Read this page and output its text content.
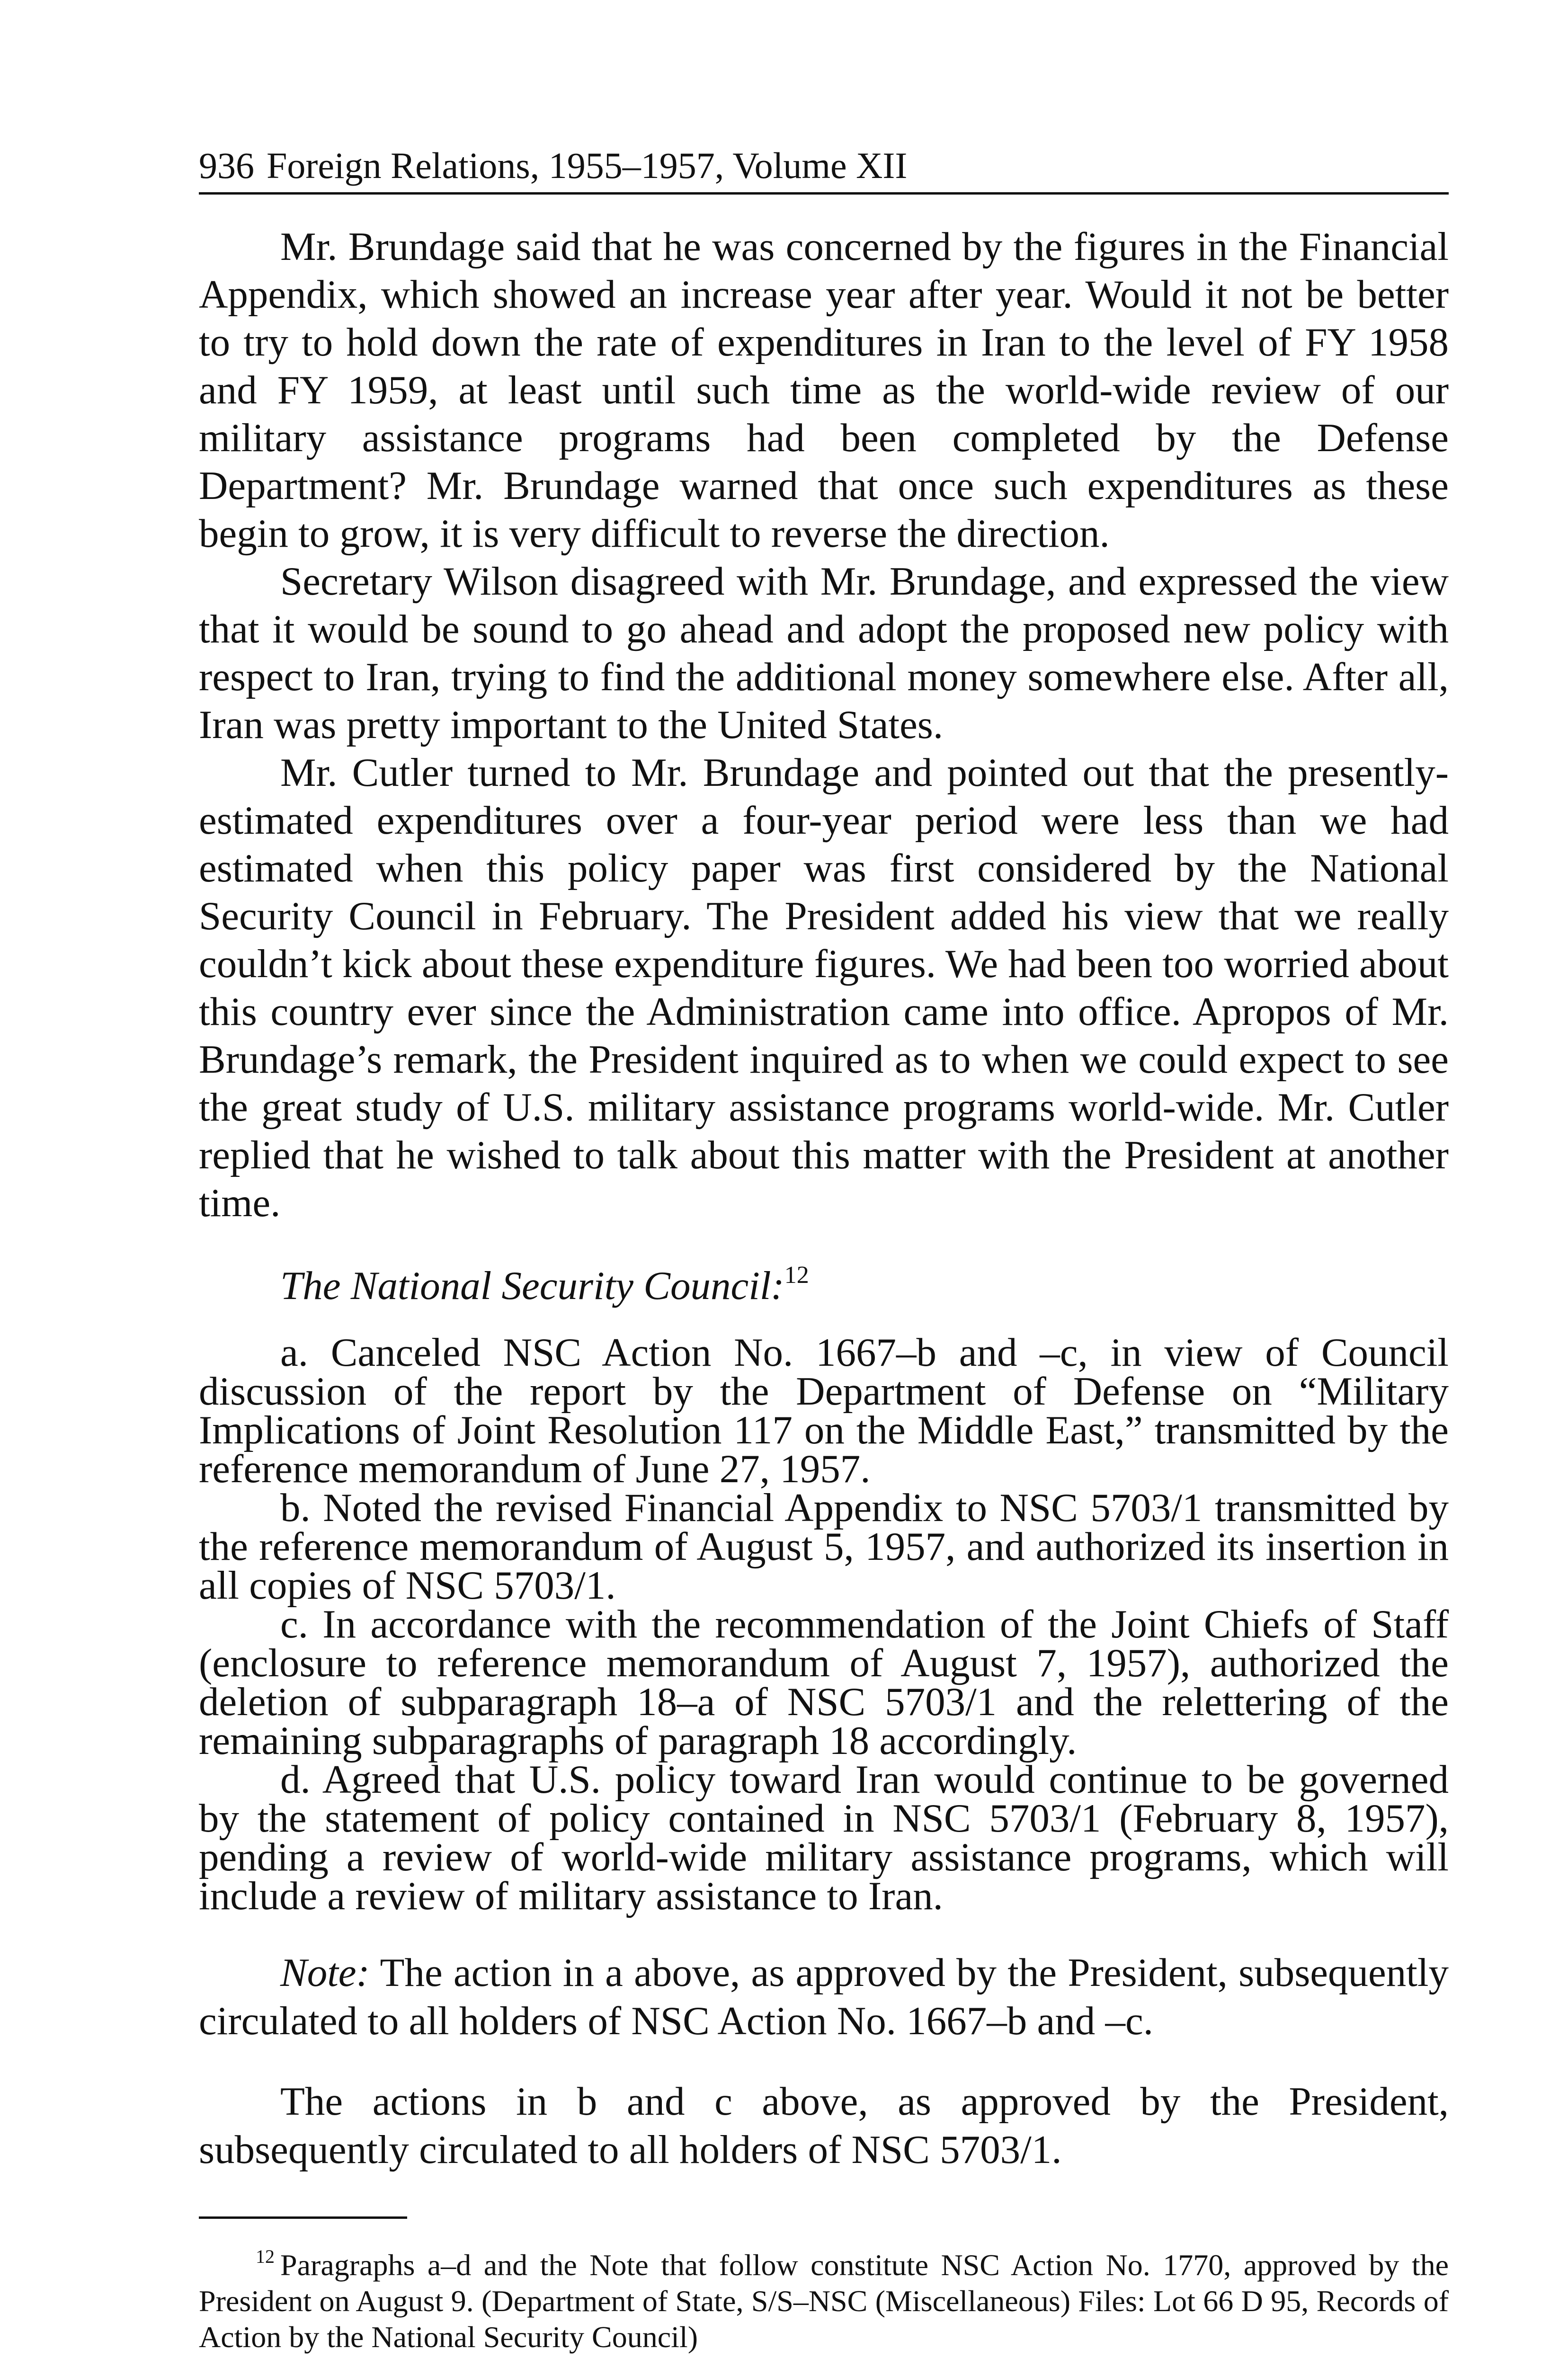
936 Foreign Relations, 1955–1957, Volume XII

Mr. Brundage said that he was concerned by the figures in the Financial Appendix, which showed an increase year after year. Would it not be better to try to hold down the rate of expenditures in Iran to the level of FY 1958 and FY 1959, at least until such time as the world-wide review of our military assistance programs had been completed by the Defense Department? Mr. Brundage warned that once such expenditures as these begin to grow, it is very difficult to reverse the direction.

Secretary Wilson disagreed with Mr. Brundage, and expressed the view that it would be sound to go ahead and adopt the proposed new policy with respect to Iran, trying to find the additional money somewhere else. After all, Iran was pretty important to the United States.

Mr. Cutler turned to Mr. Brundage and pointed out that the presently-estimated expenditures over a four-year period were less than we had estimated when this policy paper was first considered by the National Security Council in February. The President added his view that we really couldn’t kick about these expenditure figures. We had been too worried about this country ever since the Administration came into office. Apropos of Mr. Brundage’s remark, the President inquired as to when we could expect to see the great study of U.S. military assistance programs world-wide. Mr. Cutler replied that he wished to talk about this matter with the President at another time.

The National Security Council:$^{12}$

a. Canceled NSC Action No. 1667–b and –c, in view of Council discussion of the report by the Department of Defense on “Military Implications of Joint Resolution 117 on the Middle East,” transmitted by the reference memorandum of June 27, 1957.

b. Noted the revised Financial Appendix to NSC 5703/1 transmitted by the reference memorandum of August 5, 1957, and authorized its insertion in all copies of NSC 5703/1.

c. In accordance with the recommendation of the Joint Chiefs of Staff (enclosure to reference memorandum of August 7, 1957), authorized the deletion of subparagraph 18–a of NSC 5703/1 and the relettering of the remaining subparagraphs of paragraph 18 accordingly.

d. Agreed that U.S. policy toward Iran would continue to be governed by the statement of policy contained in NSC 5703/1 (February 8, 1957), pending a review of world-wide military assistance programs, which will include a review of military assistance to Iran.

Note: The action in a above, as approved by the President, subsequently circulated to all holders of NSC Action No. 1667–b and –c.

The actions in b and c above, as approved by the President, subsequently circulated to all holders of NSC 5703/1.

$^{12}$ Paragraphs a–d and the Note that follow constitute NSC Action No. 1770, approved by the President on August 9. (Department of State, S/S–NSC (Miscellaneous) Files: Lot 66 D 95, Records of Action by the National Security Council)
